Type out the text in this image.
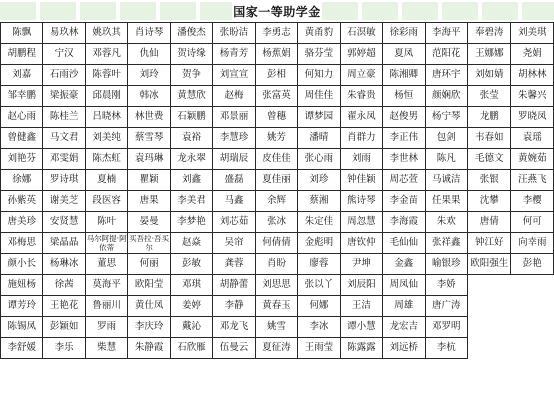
国家一等助学金
陈飘	易玖林	姚玖其	肖诗琴	潘俊杰	张盼洁	李勇志	黄甬豹	石溟敏	徐彩雨	李海平	奉碧涛	刘美琪
胡鹏程	宁汉	邓蓉凡	仇仙	贺诗缘	杨青芳	杨蕉娟	骆芬莹	郭婷超	夏凤	范阳花	王娜娜	尧娟
刘嘉	石雨沙	陈蓉叶	刘玲	贺争	刘宣宣	彭相	何知力	周立豪	陈湘卿	唐环宇	刘如婧	胡林林
邹幸鹏	梁振豪	邱晨刚	韩冰	黄慧欣	赵梅	张富英	周佳佳	朱睿贵	杨恒	颜娴欣	张莹	朱馨兴
赵心雨	陈桂兰	吕晓林	林世费	石颖鹏	邓景丽	曾穗	谭梦园	翟永凤	赵俊男	杨宁琴	龙鹏	罗晓凤
曾健鑫	马文君	刘美纯	蔡雪琴	袁裕	李慧珍	姚芳	潘晴	肖群力	李正伟	包剑	韦春如	袁瑶
刘艳芬	邓雯娟	陈杰虹	袁玛琳	龙永翠	胡瑞辰	皮佳佳	张心雨	刘雨	李世林	陈凡	毛德文	黄婉茹
徐娜	罗诗琪	夏楠	瞿颖	刘鑫	盛磊	夏佳丽	刘珍	钟佳颖	周芯萱	马诚洁	张银	汪燕飞
孙紫英	谢美芝	段医容	唐果	李美君	马鑫	余辉	蔡湘	熊诗琴	李金苗	任果果	沈攀	李樱
唐美珍	安贤慧	陈叶	晏曼	李梦艳	刘芯茹	张冰	朱定佳	周忽慧	李海霞	朱欢	唐倩	何可
邓梅思	梁晶晶	马尔阿提·阿依蒂	买吾拉·吾买尔	赵焱	吴帘	何倩倩	金彪明	唐钦仲	毛仙仙	张祥鑫	钟江好	向幸雨
颜小长	杨琳冰	董思	何丽	彭敏	龚蓉	肖盼	廖蓉	尹坤	金鑫	喻银珍	欧阳强生	彭艳
施妞杨	徐茜	莫海平	欧阳莹	邓琪	胡静蕾	刘思思	张以丫	刘辰阳	周凤仙	李娇		
谭芳玲	王艳花	鲁丽川	黄仕凤	姜婷	李静	黄春玉	何娜	王洁	周雄	唐广涛		
陈锡凤	彭颖如	罗雨	李庆玲	戴沁	邓龙飞	姚雪	李冰	谭小慧	龙宏吉	邓罗明		
李舒媛	李乐	柴慧	朱静霞	石欣雁	伍曼云	夏征涛	王雨莹	陈露露	刘远桥	李杭		
